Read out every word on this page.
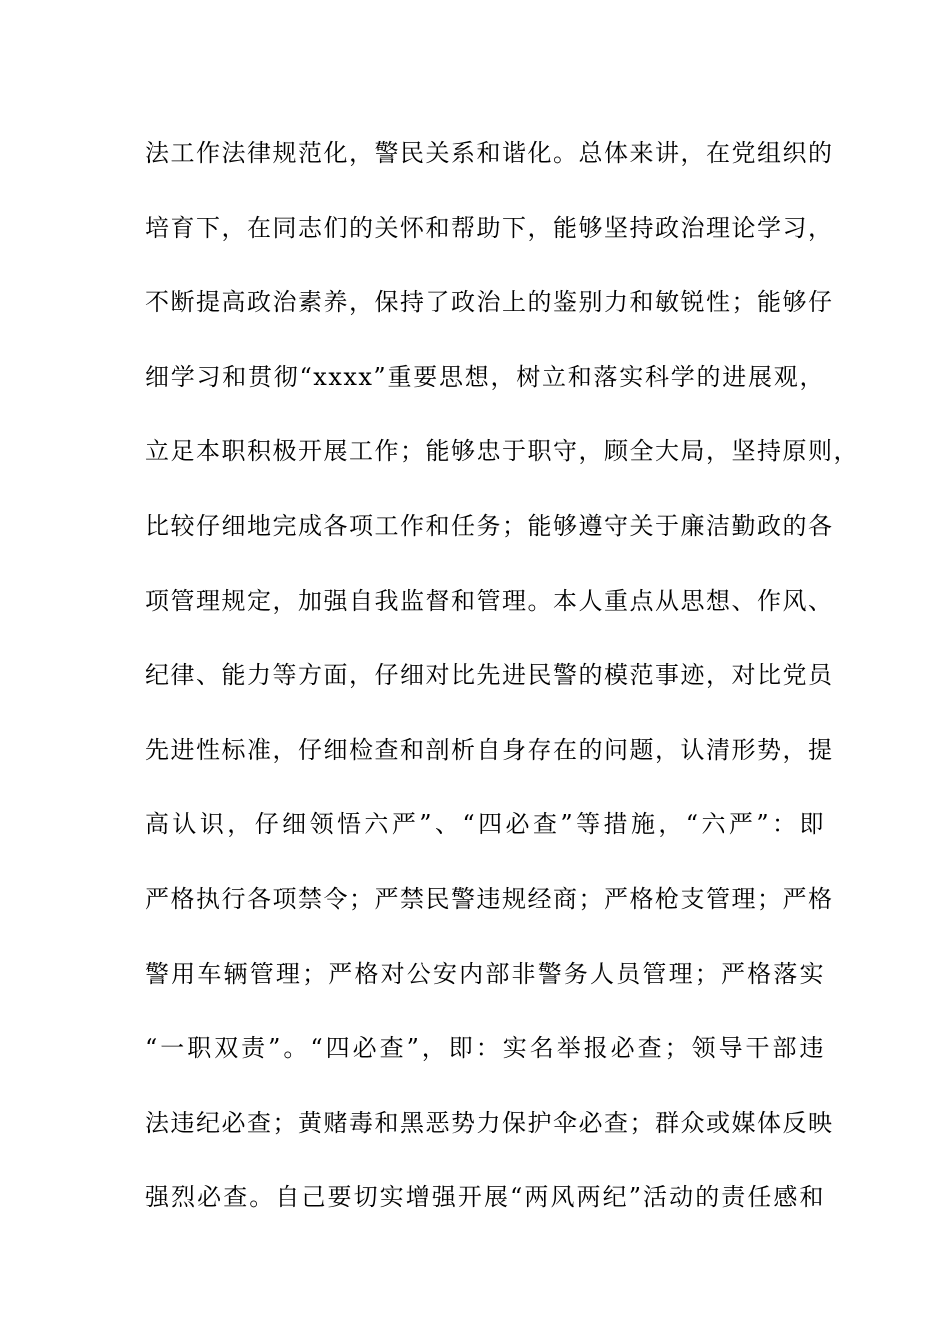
法工作法律规范化，警民关系和谐化。总体来讲，在党组织的
培育下，在同志们的关怀和帮助下，能够坚持政治理论学习，
不断提高政治素养，保持了政治上的鉴别力和敏锐性；能够仔
细学习和贯彻“xxxx”重要思想，树立和落实科学的进展观，
立足本职积极开展工作；能够忠于职守，顾全大局，坚持原则，
比较仔细地完成各项工作和任务；能够遵守关于廉洁勤政的各
项管理规定，加强自我监督和管理。本人重点从思想、作风、
纪律、能力等方面，仔细对比先进民警的模范事迹，对比党员
先进性标准，仔细检查和剖析自身存在的问题，认清形势，提
高认识，仔细领悟六严”、“四必查”等措施，“六严”：即
严格执行各项禁令；严禁民警违规经商；严格枪支管理；严格
警用车辆管理；严格对公安内部非警务人员管理；严格落实
“一职双责”。“四必查”，即：实名举报必查；领导干部违
法违纪必查；黄赌毒和黑恶势力保护伞必查；群众或媒体反映
强烈必查。自己要切实增强开展“两风两纪”活动的责任感和
